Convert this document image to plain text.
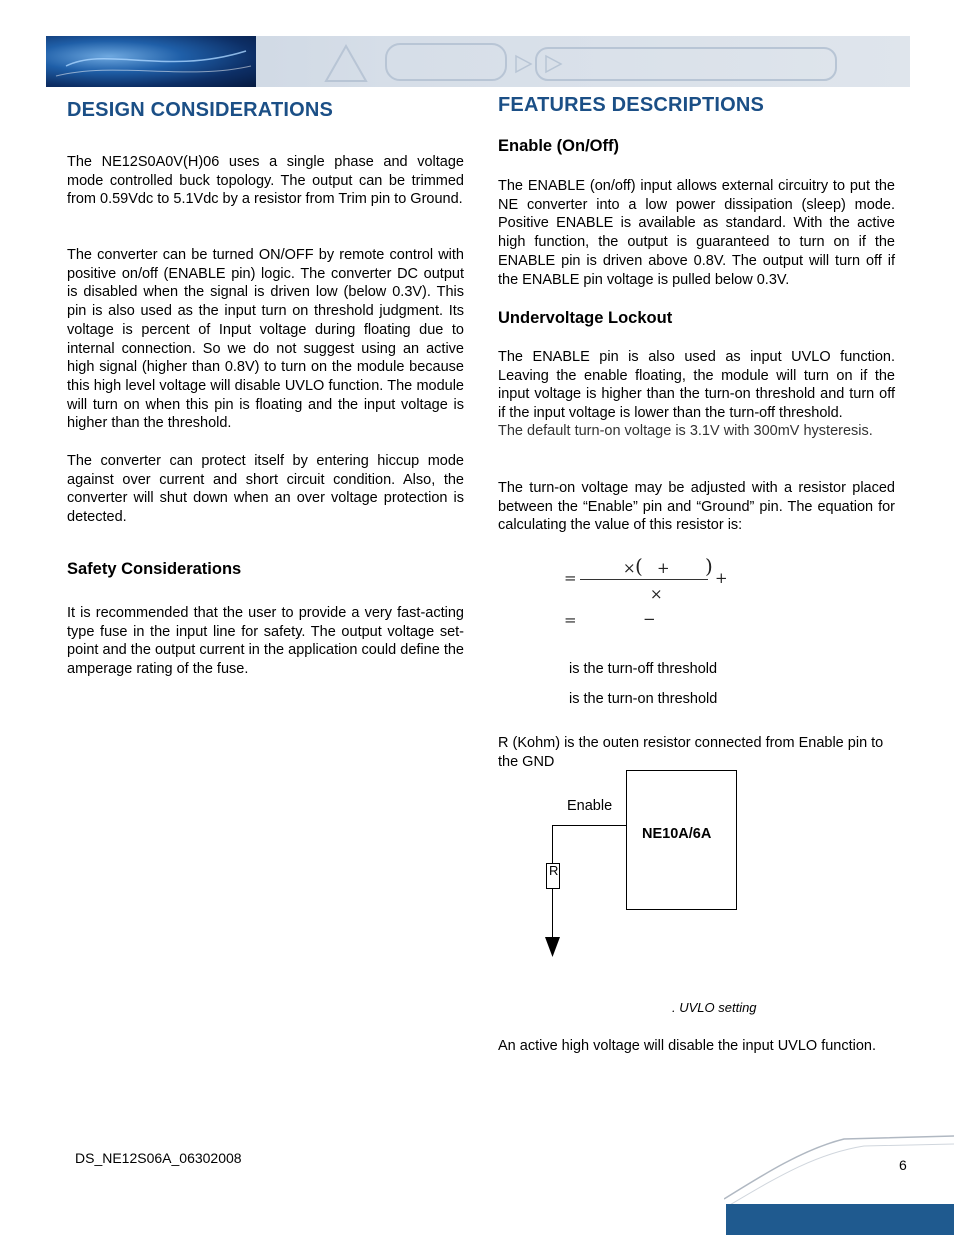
DESIGN CONSIDERATIONS

The NE12S0A0V(H)06 uses a single phase and voltage mode controlled buck topology. The output can be trimmed from 0.59Vdc to 5.1Vdc by a resistor from Trim pin to Ground.

The converter can be turned ON/OFF by remote control with positive on/off (ENABLE pin) logic. The converter DC output is disabled when the signal is driven low (below 0.3V). This pin is also used as the input turn on threshold judgment. Its voltage is percent of Input voltage during floating due to internal connection. So we do not suggest using an active high signal (higher than 0.8V) to turn on the module because this high level voltage will disable UVLO function. The module will turn on when this pin is floating and the input voltage is higher than the threshold.

The converter can protect itself by entering hiccup mode against over current and short circuit condition. Also, the converter will shut down when an over voltage protection is detected.

Safety Considerations

It is recommended that the user to provide a very fast-acting type fuse in the input line for safety. The output voltage set-point and the output current in the application could define the amperage rating of the fuse.

FEATURES DESCRIPTIONS
Enable (On/Off)

The ENABLE (on/off) input allows external circuitry to put the NE converter into a low power dissipation (sleep) mode. Positive ENABLE is available as standard. With the active high function, the output is guaranteed to turn on if the ENABLE pin is driven above 0.8V. The output will turn off if the ENABLE pin voltage is pulled below 0.3V.

Undervoltage Lockout

The ENABLE pin is also used as input UVLO function. Leaving the enable floating, the module will turn on if the input voltage is higher than the turn-on threshold and turn off if the input voltage is lower than the turn-off threshold.

The default turn-on voltage is 3.1V with 300mV hysteresis.

The turn-on voltage may be adjusted with a resistor placed between the “Enable” pin and “Ground” pin. The equation for calculating the value of this resistor is:

=
× ( + ) +
×
=	−
is the turn-off threshold
is the turn-on threshold

R (Kohm) is the outen resistor connected from Enable pin to the GND

Enable
NE10A/6A
R
. UVLO setting

An active high voltage will disable the input UVLO function.

DS_NE12S06A_06302008	6
